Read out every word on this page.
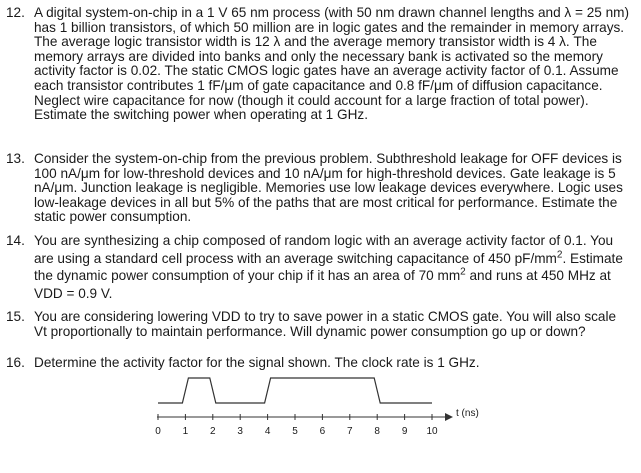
12. A digital system-on-chip in a 1 V 65 nm process (with 50 nm drawn channel lengths and λ = 25 nm) has 1 billion transistors, of which 50 million are in logic gates and the remainder in memory arrays. The average logic transistor width is 12 λ and the average memory transistor width is 4 λ. The memory arrays are divided into banks and only the necessary bank is activated so the memory activity factor is 0.02. The static CMOS logic gates have an average activity factor of 0.1. Assume each transistor contributes 1 fF/μm of gate capacitance and 0.8 fF/μm of diffusion capacitance. Neglect wire capacitance for now (though it could account for a large fraction of total power). Estimate the switching power when operating at 1 GHz.
13. Consider the system-on-chip from the previous problem. Subthreshold leakage for OFF devices is 100 nA/μm for low-threshold devices and 10 nA/μm for high-threshold devices. Gate leakage is 5 nA/μm. Junction leakage is negligible. Memories use low leakage devices everywhere. Logic uses low-leakage devices in all but 5% of the paths that are most critical for performance. Estimate the static power consumption.
14. You are synthesizing a chip composed of random logic with an average activity factor of 0.1. You are using a standard cell process with an average switching capacitance of 450 $pF/mm^2$. Estimate the dynamic power consumption of your chip if it has an area of 70 $mm^2$ and runs at 450 MHz at VDD = 0.9 V.
15. You are considering lowering VDD to try to save power in a static CMOS gate. You will also scale Vt proportionally to maintain performance. Will dynamic power consumption go up or down?
16. Determine the activity factor for the signal shown. The clock rate is 1 GHz.
0 1 2 3 4 5 6 7 8 9 10
t (ns)
